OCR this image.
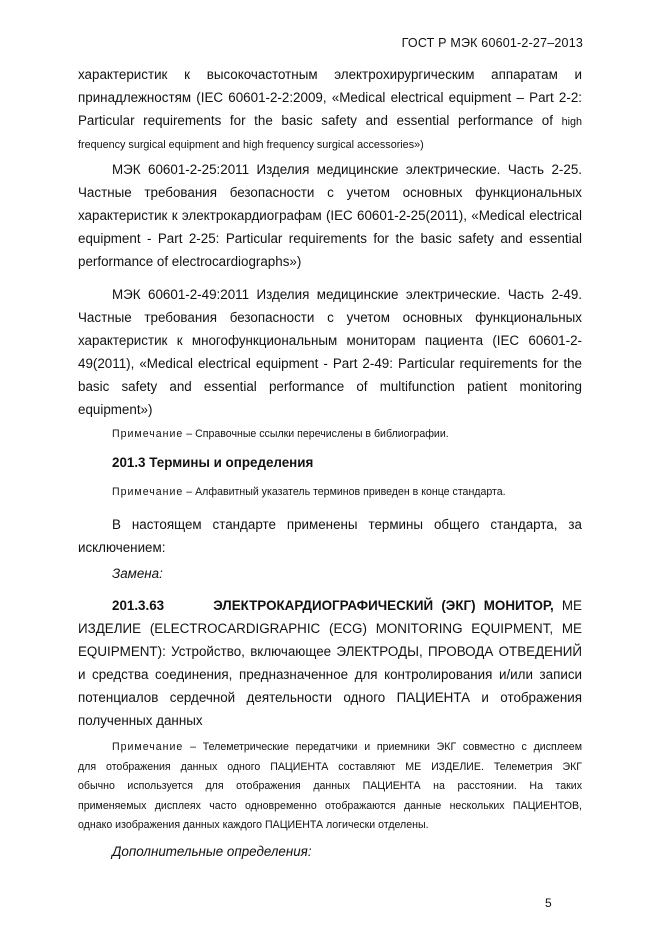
ГОСТ Р МЭК 60601-2-27–2013
характеристик к высокочастотным электрохирургическим аппаратам и
принадлежностям (IEC 60601-2-2:2009, «Medical electrical equipment – Part 2-2:
Particular requirements for the basic safety and essential performance of high
frequency surgical equipment and high frequency surgical accessories»)
МЭК 60601-2-25:2011 Изделия медицинские электрические. Часть 2-25.
Частные требования безопасности с учетом основных функциональных
характеристик к электрокардиографам (IEC 60601-2-25(2011), «Medical electrical
equipment - Part 2-25: Particular requirements for the basic safety and essential
performance of electrocardiographs»)
МЭК 60601-2-49:2011 Изделия медицинские электрические. Часть 2-49.
Частные требования безопасности с учетом основных функциональных
характеристик к многофункциональным мониторам пациента (IEC 60601-2-
49(2011), «Medical electrical equipment - Part 2-49: Particular requirements for the
basic safety and essential performance of multifunction patient monitoring
equipment»)
Примечание – Справочные ссылки перечислены в библиографии.
201.3 Термины и определения
Примечание – Алфавитный указатель терминов приведен в конце стандарта.
В настоящем стандарте применены термины общего стандарта, за
исключением:
Замена:
201.3.63	ЭЛЕКТРОКАРДИОГРАФИЧЕСКИЙ (ЭКГ) МОНИТОР, МЕ
ИЗДЕЛИЕ (ELECTROCARDIGRAPHIC (ECG) MONITORING EQUIPMENT, ME
EQUIPMENT): Устройство, включающее ЭЛЕКТРОДЫ, ПРОВОДА ОТВЕДЕНИЙ
и средства соединения, предназначенное для контролирования и/или записи
потенциалов сердечной деятельности одного ПАЦИЕНТА и отображения
полученных данных
Примечание – Телеметрические передатчики и приемники ЭКГ совместно с дисплеем
для отображения данных одного ПАЦИЕНТА составляют МЕ ИЗДЕЛИЕ. Телеметрия ЭКГ
обычно используется для отображения данных ПАЦИЕНТА на расстоянии. На таких
применяемых дисплеях часто одновременно отображаются данные нескольких ПАЦИЕНТОВ,
однако изображения данных каждого ПАЦИЕНТА логически отделены.
Дополнительные определения:
5
